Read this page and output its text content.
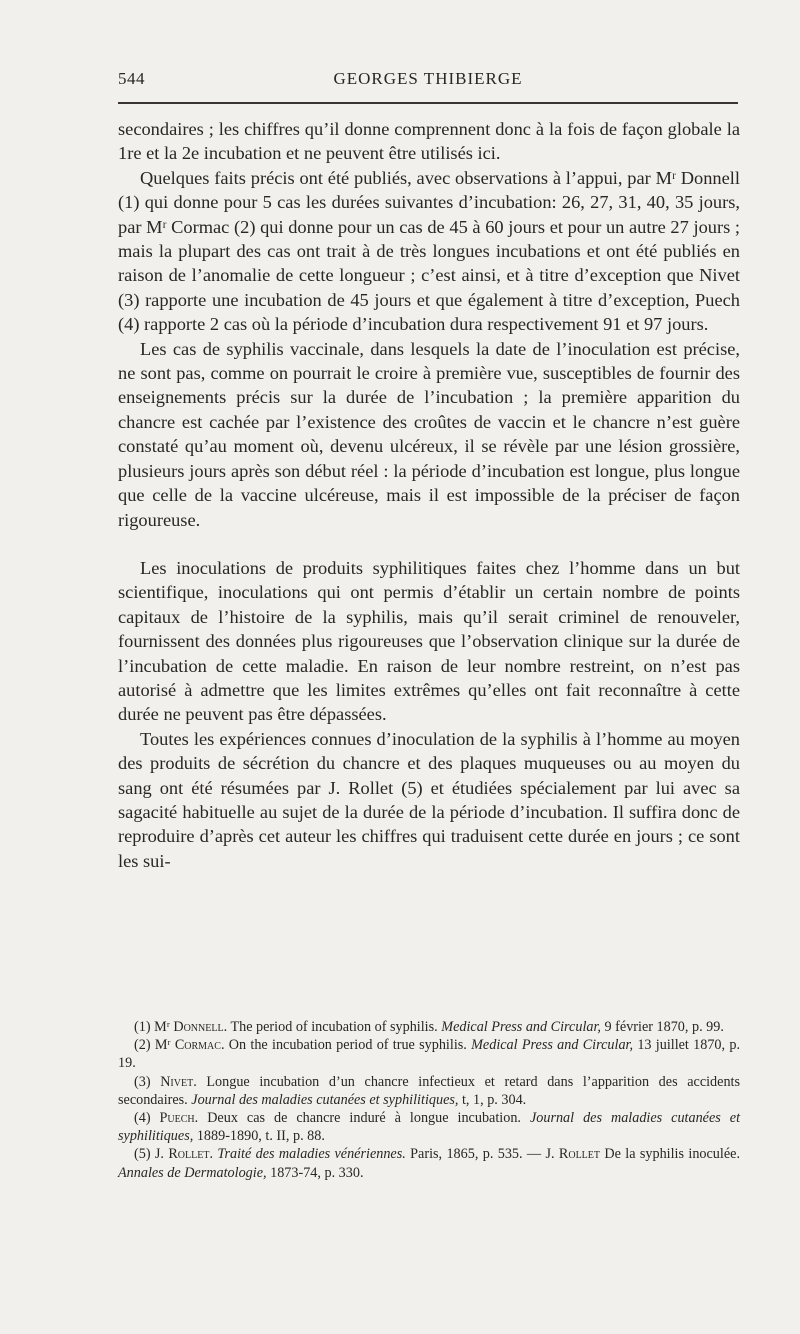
544	GEORGES THIBIERGE

secondaires ; les chiffres qu’il donne comprennent donc à la fois de façon globale la 1re et la 2e incubation et ne peuvent être utilisés ici.

Quelques faits précis ont été publiés, avec observations à l’appui, par Mʳ Donnell (1) qui donne pour 5 cas les durées suivantes d’incubation: 26, 27, 31, 40, 35 jours, par Mʳ Cormac (2) qui donne pour un cas de 45 à 60 jours et pour un autre 27 jours ; mais la plupart des cas ont trait à de très longues incubations et ont été publiés en raison de l’anomalie de cette longueur ; c’est ainsi, et à titre d’exception que Nivet (3) rapporte une incubation de 45 jours et que également à titre d’exception, Puech (4) rapporte 2 cas où la période d’incubation dura respectivement 91 et 97 jours.

Les cas de syphilis vaccinale, dans lesquels la date de l’inoculation est précise, ne sont pas, comme on pourrait le croire à première vue, susceptibles de fournir des enseignements précis sur la durée de l’incubation ; la première apparition du chancre est cachée par l’existence des croûtes de vaccin et le chancre n’est guère constaté qu’au moment où, devenu ulcéreux, il se révèle par une lésion grossière, plusieurs jours après son début réel : la période d’incubation est longue, plus longue que celle de la vaccine ulcéreuse, mais il est impossible de la préciser de façon rigoureuse.

Les inoculations de produits syphilitiques faites chez l’homme dans un but scientifique, inoculations qui ont permis d’établir un certain nombre de points capitaux de l’histoire de la syphilis, mais qu’il serait criminel de renouveler, fournissent des données plus rigoureuses que l’observation clinique sur la durée de l’incubation de cette maladie. En raison de leur nombre restreint, on n’est pas autorisé à admettre que les limites extrêmes qu’elles ont fait reconnaître à cette durée ne peuvent pas être dépassées.

Toutes les expériences connues d’inoculation de la syphilis à l’homme au moyen des produits de sécrétion du chancre et des plaques muqueuses ou au moyen du sang ont été résumées par J. Rollet (5) et étudiées spécialement par lui avec sa sagacité habituelle au sujet de la durée de la période d’incubation. Il suffira donc de reproduire d’après cet auteur les chiffres qui traduisent cette durée en jours ; ce sont les sui-

(1) Mʳ Donnell. The period of incubation of syphilis. Medical Press and Circular, 9 février 1870, p. 99.

(2) Mʳ Cormac. On the incubation period of true syphilis. Medical Press and Circular, 13 juillet 1870, p. 19.

(3) Nivet. Longue incubation d’un chancre infectieux et retard dans l’apparition des accidents secondaires. Journal des maladies cutanées et syphilitiques, t, 1, p. 304.

(4) Puech. Deux cas de chancre induré à longue incubation. Journal des maladies cutanées et syphilitiques, 1889-1890, t. II, p. 88.

(5) J. Rollet. Traité des maladies vénériennes. Paris, 1865, p. 535. — J. Rollet De la syphilis inoculée. Annales de Dermatologie, 1873-74, p. 330.
